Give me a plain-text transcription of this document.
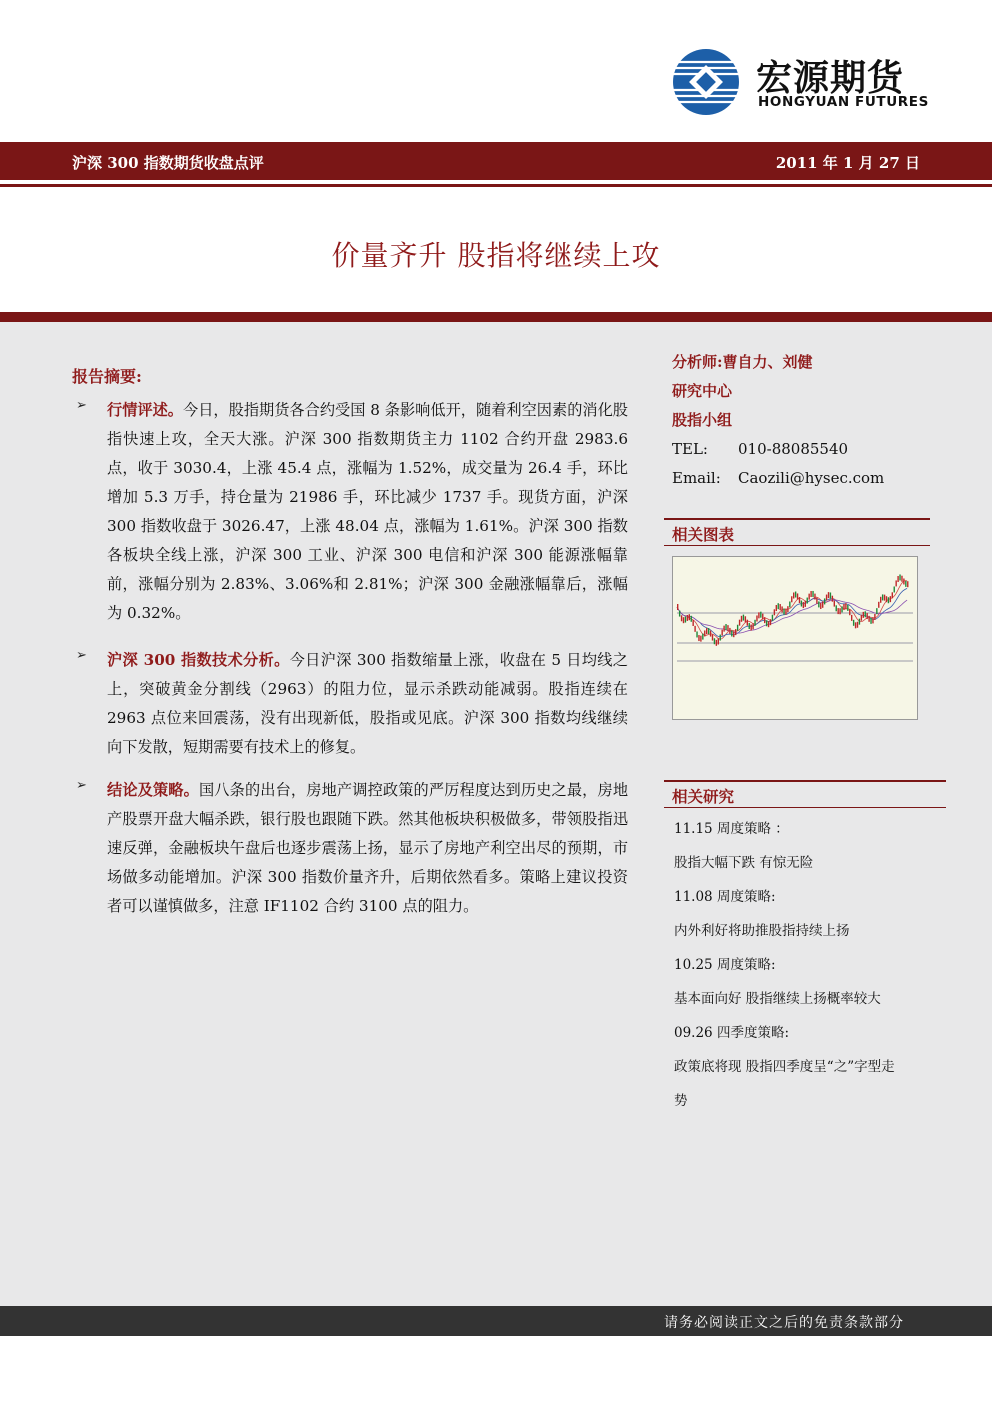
宏源期货
HONGYUAN FUTURES
沪深 300 指数期货收盘点评	2011 年 1 月 27 日
价量齐升 股指将继续上攻
报告摘要:
➢ 行情评述。今日，股指期货各合约受国 8 条影响低开，随着利空因素的消化股指快速上攻，全天大涨。沪深 300 指数期货主力 1102 合约开盘 2983.6 点，收于 3030.4，上涨 45.4 点，涨幅为 1.52%，成交量为 26.4 手，环比增加 5.3 万手，持仓量为 21986 手，环比减少 1737 手。现货方面，沪深 300 指数收盘于 3026.47，上涨 48.04 点，涨幅为 1.61%。沪深 300 指数各板块全线上涨，沪深 300 工业、沪深 300 电信和沪深 300 能源涨幅靠前，涨幅分别为 2.83%、3.06%和 2.81%；沪深 300 金融涨幅靠后，涨幅为 0.32%。

➢ 沪深 300 指数技术分析。今日沪深 300 指数缩量上涨，收盘在 5 日均线之上，突破黄金分割线（2963）的阻力位，显示杀跌动能减弱。股指连续在 2963 点位来回震荡，没有出现新低，股指或见底。沪深 300 指数均线继续向下发散，短期需要有技术上的修复。

➢ 结论及策略。国八条的出台，房地产调控政策的严厉程度达到历史之最，房地产股票开盘大幅杀跌，银行股也跟随下跌。然其他板块积极做多，带领股指迅速反弹，金融板块午盘后也逐步震荡上扬，显示了房地产利空出尽的预期，市场做多动能增加。沪深 300 指数价量齐升，后期依然看多。策略上建议投资者可以谨慎做多，注意 IF1102 合约 3100 点的阻力。

分析师:曹自力、刘健
研究中心
股指小组
TEL: 010-88085540
Email: Caozili@hysec.com
相关图表
相关研究
11.15 周度策略 ：
股指大幅下跌 有惊无险
11.08 周度策略:
内外利好将助推股指持续上扬
10.25 周度策略:
基本面向好 股指继续上扬概率较大
09.26 四季度策略:
政策底将现 股指四季度呈“之”字型走
势
请务必阅读正文之后的免责条款部分
